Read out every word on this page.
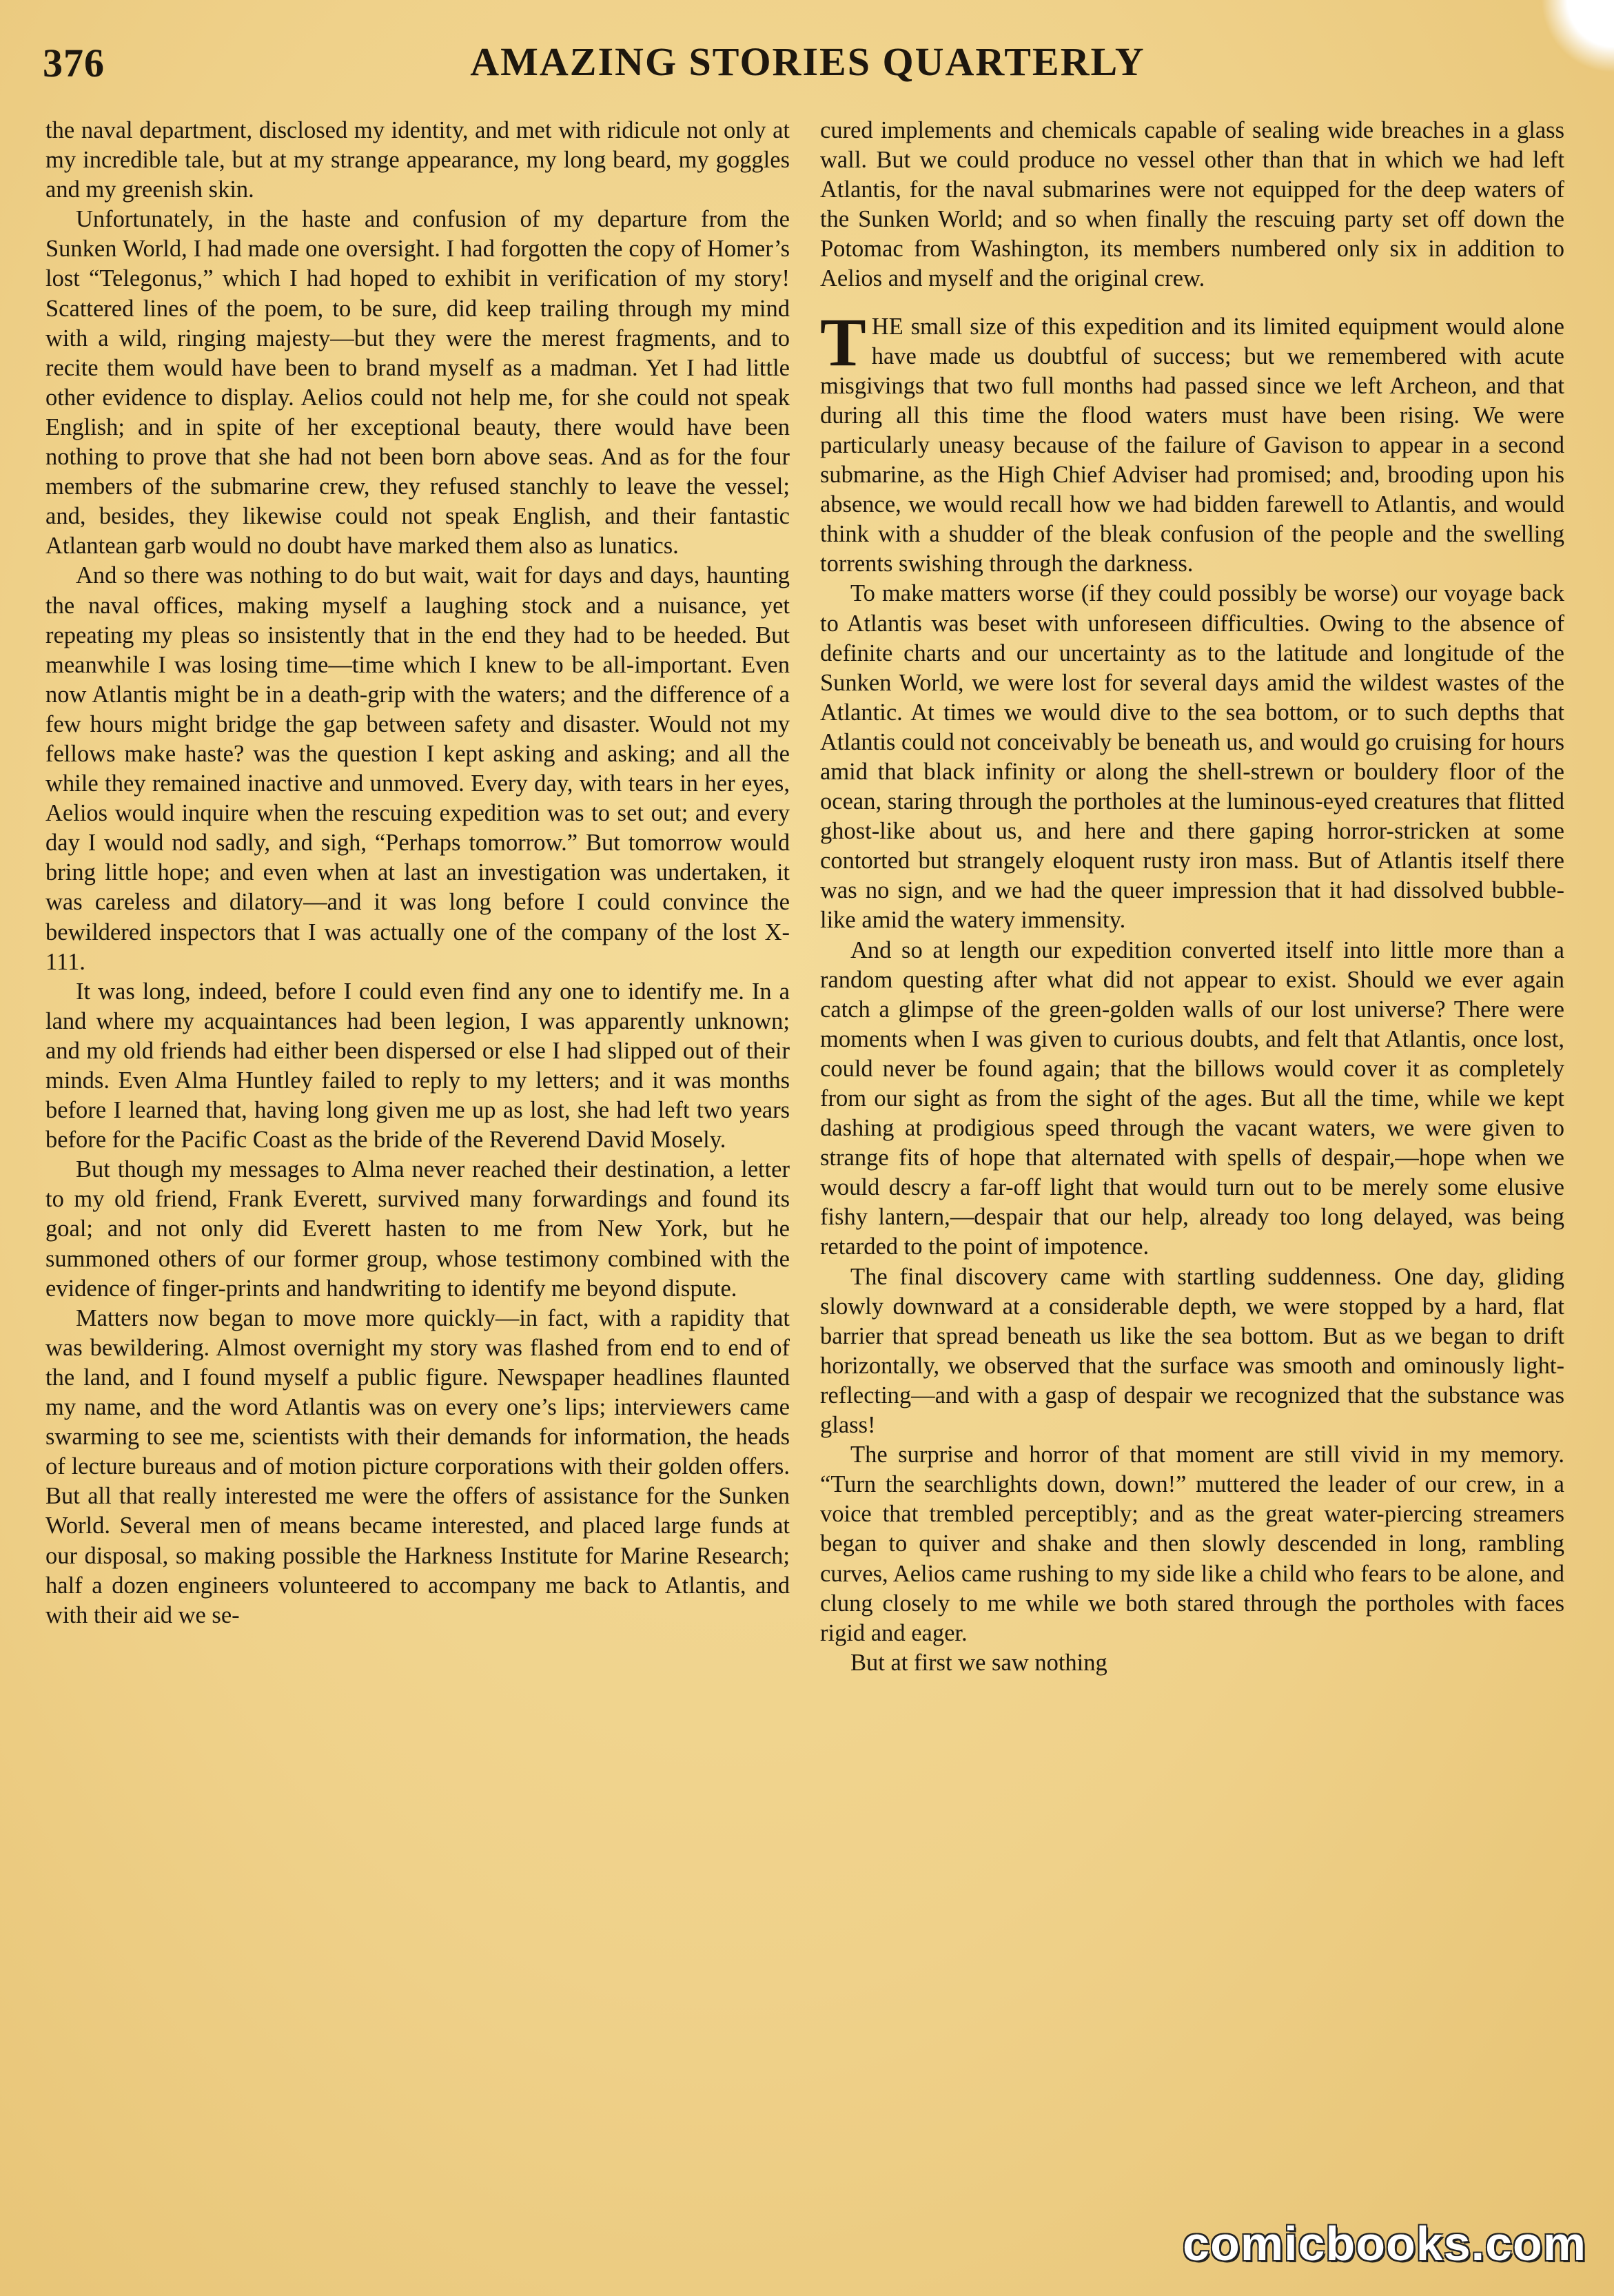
376	AMAZING STORIES QUARTERLY

the naval department, disclosed my identity, and met with ridicule not only at my incredible tale, but at my strange appearance, my long beard, my goggles and my greenish skin.

Unfortunately, in the haste and confusion of my departure from the Sunken World, I had made one oversight. I had forgotten the copy of Homer’s lost “Telegonus,” which I had hoped to exhibit in verification of my story! Scattered lines of the poem, to be sure, did keep trailing through my mind with a wild, ringing majesty—but they were the merest fragments, and to recite them would have been to brand myself as a madman. Yet I had little other evidence to display. Aelios could not help me, for she could not speak English; and in spite of her exceptional beauty, there would have been nothing to prove that she had not been born above seas. And as for the four members of the submarine crew, they refused stanchly to leave the vessel; and, besides, they likewise could not speak English, and their fantastic Atlantean garb would no doubt have marked them also as lunatics.

And so there was nothing to do but wait, wait for days and days, haunting the naval offices, making myself a laughing stock and a nuisance, yet repeating my pleas so insistently that in the end they had to be heeded. But meanwhile I was losing time—time which I knew to be all-important. Even now Atlantis might be in a death-grip with the waters; and the difference of a few hours might bridge the gap between safety and disaster. Would not my fellows make haste? was the question I kept asking and asking; and all the while they remained inactive and unmoved. Every day, with tears in her eyes, Aelios would inquire when the rescuing expedition was to set out; and every day I would nod sadly, and sigh, “Perhaps tomorrow.” But tomorrow would bring little hope; and even when at last an investigation was undertaken, it was careless and dilatory—and it was long before I could convince the bewildered inspectors that I was actually one of the company of the lost X-111.

It was long, indeed, before I could even find any one to identify me. In a land where my acquaintances had been legion, I was apparently unknown; and my old friends had either been dispersed or else I had slipped out of their minds. Even Alma Huntley failed to reply to my letters; and it was months before I learned that, having long given me up as lost, she had left two years before for the Pacific Coast as the bride of the Reverend David Mosely.

But though my messages to Alma never reached their destination, a letter to my old friend, Frank Everett, survived many forwardings and found its goal; and not only did Everett hasten to me from New York, but he summoned others of our former group, whose testimony combined with the evidence of finger-prints and handwriting to identify me beyond dispute.

Matters now began to move more quickly—in fact, with a rapidity that was bewildering. Almost overnight my story was flashed from end to end of the land, and I found myself a public figure. Newspaper headlines flaunted my name, and the word Atlantis was on every one’s lips; interviewers came swarming to see me, scientists with their demands for information, the heads of lecture bureaus and of motion picture corporations with their golden offers. But all that really interested me were the offers of assistance for the Sunken World. Several men of means became interested, and placed large funds at our disposal, so making possible the Harkness Institute for Marine Research; half a dozen engineers volunteered to accompany me back to Atlantis, and with their aid we se-

cured implements and chemicals capable of sealing wide breaches in a glass wall. But we could produce no vessel other than that in which we had left Atlantis, for the naval submarines were not equipped for the deep waters of the Sunken World; and so when finally the rescuing party set off down the Potomac from Washington, its members numbered only six in addition to Aelios and myself and the original crew.

THE small size of this expedition and its limited equipment would alone have made us doubtful of success; but we remembered with acute misgivings that two full months had passed since we left Archeon, and that during all this time the flood waters must have been rising. We were particularly uneasy because of the failure of Gavison to appear in a second submarine, as the High Chief Adviser had promised; and, brooding upon his absence, we would recall how we had bidden farewell to Atlantis, and would think with a shudder of the bleak confusion of the people and the swelling torrents swishing through the darkness.

To make matters worse (if they could possibly be worse) our voyage back to Atlantis was beset with unforeseen difficulties. Owing to the absence of definite charts and our uncertainty as to the latitude and longitude of the Sunken World, we were lost for several days amid the wildest wastes of the Atlantic. At times we would dive to the sea bottom, or to such depths that Atlantis could not conceivably be beneath us, and would go cruising for hours amid that black infinity or along the shell-strewn or bouldery floor of the ocean, staring through the portholes at the luminous-eyed creatures that flitted ghost-like about us, and here and there gaping horror-stricken at some contorted but strangely eloquent rusty iron mass. But of Atlantis itself there was no sign, and we had the queer impression that it had dissolved bubble-like amid the watery immensity.

And so at length our expedition converted itself into little more than a random questing after what did not appear to exist. Should we ever again catch a glimpse of the green-golden walls of our lost universe? There were moments when I was given to curious doubts, and felt that Atlantis, once lost, could never be found again; that the billows would cover it as completely from our sight as from the sight of the ages. But all the time, while we kept dashing at prodigious speed through the vacant waters, we were given to strange fits of hope that alternated with spells of despair,—hope when we would descry a far-off light that would turn out to be merely some elusive fishy lantern,—despair that our help, already too long delayed, was being retarded to the point of impotence.

The final discovery came with startling suddenness. One day, gliding slowly downward at a considerable depth, we were stopped by a hard, flat barrier that spread beneath us like the sea bottom. But as we began to drift horizontally, we observed that the surface was smooth and ominously light-reflecting—and with a gasp of despair we recognized that the substance was glass!

The surprise and horror of that moment are still vivid in my memory. “Turn the searchlights down, down!” muttered the leader of our crew, in a voice that trembled perceptibly; and as the great water-piercing streamers began to quiver and shake and then slowly descended in long, rambling curves, Aelios came rushing to my side like a child who fears to be alone, and clung closely to me while we both stared through the portholes with faces rigid and eager.

But at first we saw nothing

comicbooks.com
